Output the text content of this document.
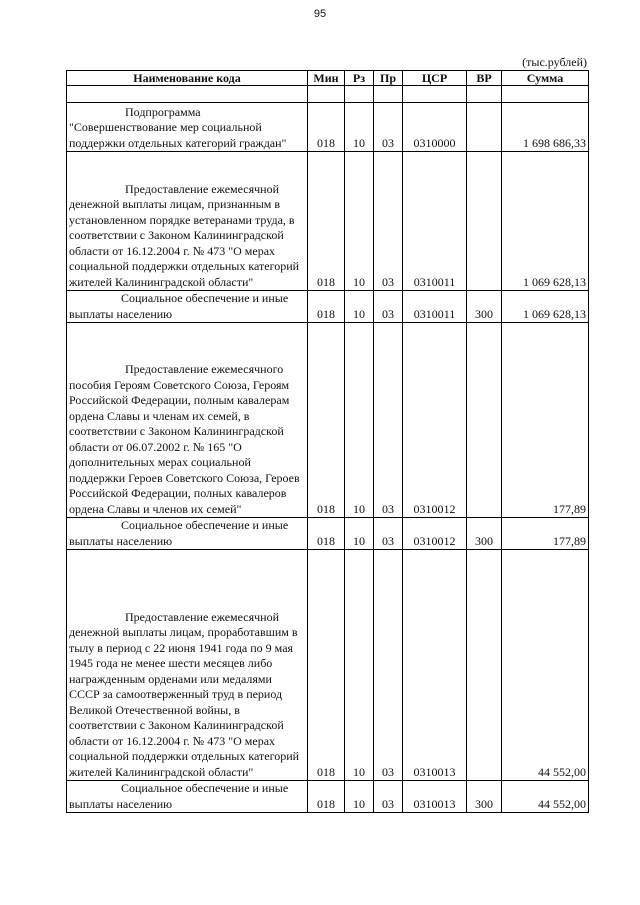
95
(тыс.рублей)
Наименование кода	Мин	Рз	Пр	ЦСР	ВР	Сумма

Подпрограмма "Совершенствование мер социальной поддержки отдельных категорий граждан"	018	10	03	0310000		1 698 686,33
Предоставление ежемесячной денежной выплаты лицам, признанным в установленном порядке ветеранами труда, в соответствии с Законом Калининградской области от 16.12.2004 г. № 473 "О мерах социальной поддержки отдельных категорий жителей Калининградской области"	018	10	03	0310011		1 069 628,13
Социальное обеспечение и иные выплаты населению	018	10	03	0310011	300	1 069 628,13
Предоставление ежемесячного пособия Героям Советского Союза, Героям Российской Федерации, полным кавалерам ордена Славы и членам их семей, в соответствии с Законом Калининградской области от 06.07.2002 г. № 165 "О дополнительных мерах социальной поддержки Героев Советского Союза, Героев Российской Федерации, полных кавалеров ордена Славы и членов их семей"	018	10	03	0310012		177,89
Социальное обеспечение и иные выплаты населению	018	10	03	0310012	300	177,89
Предоставление ежемесячной денежной выплаты лицам, проработавшим в тылу в период с 22 июня 1941 года по 9 мая 1945 года не менее шести месяцев либо награжденным орденами или медалями СССР за самоотверженный труд в период Великой Отечественной войны, в соответствии с Законом Калининградской области от 16.12.2004 г. № 473 "О мерах социальной поддержки отдельных категорий жителей Калининградской области"	018	10	03	0310013		44 552,00
Социальное обеспечение и иные выплаты населению	018	10	03	0310013	300	44 552,00
